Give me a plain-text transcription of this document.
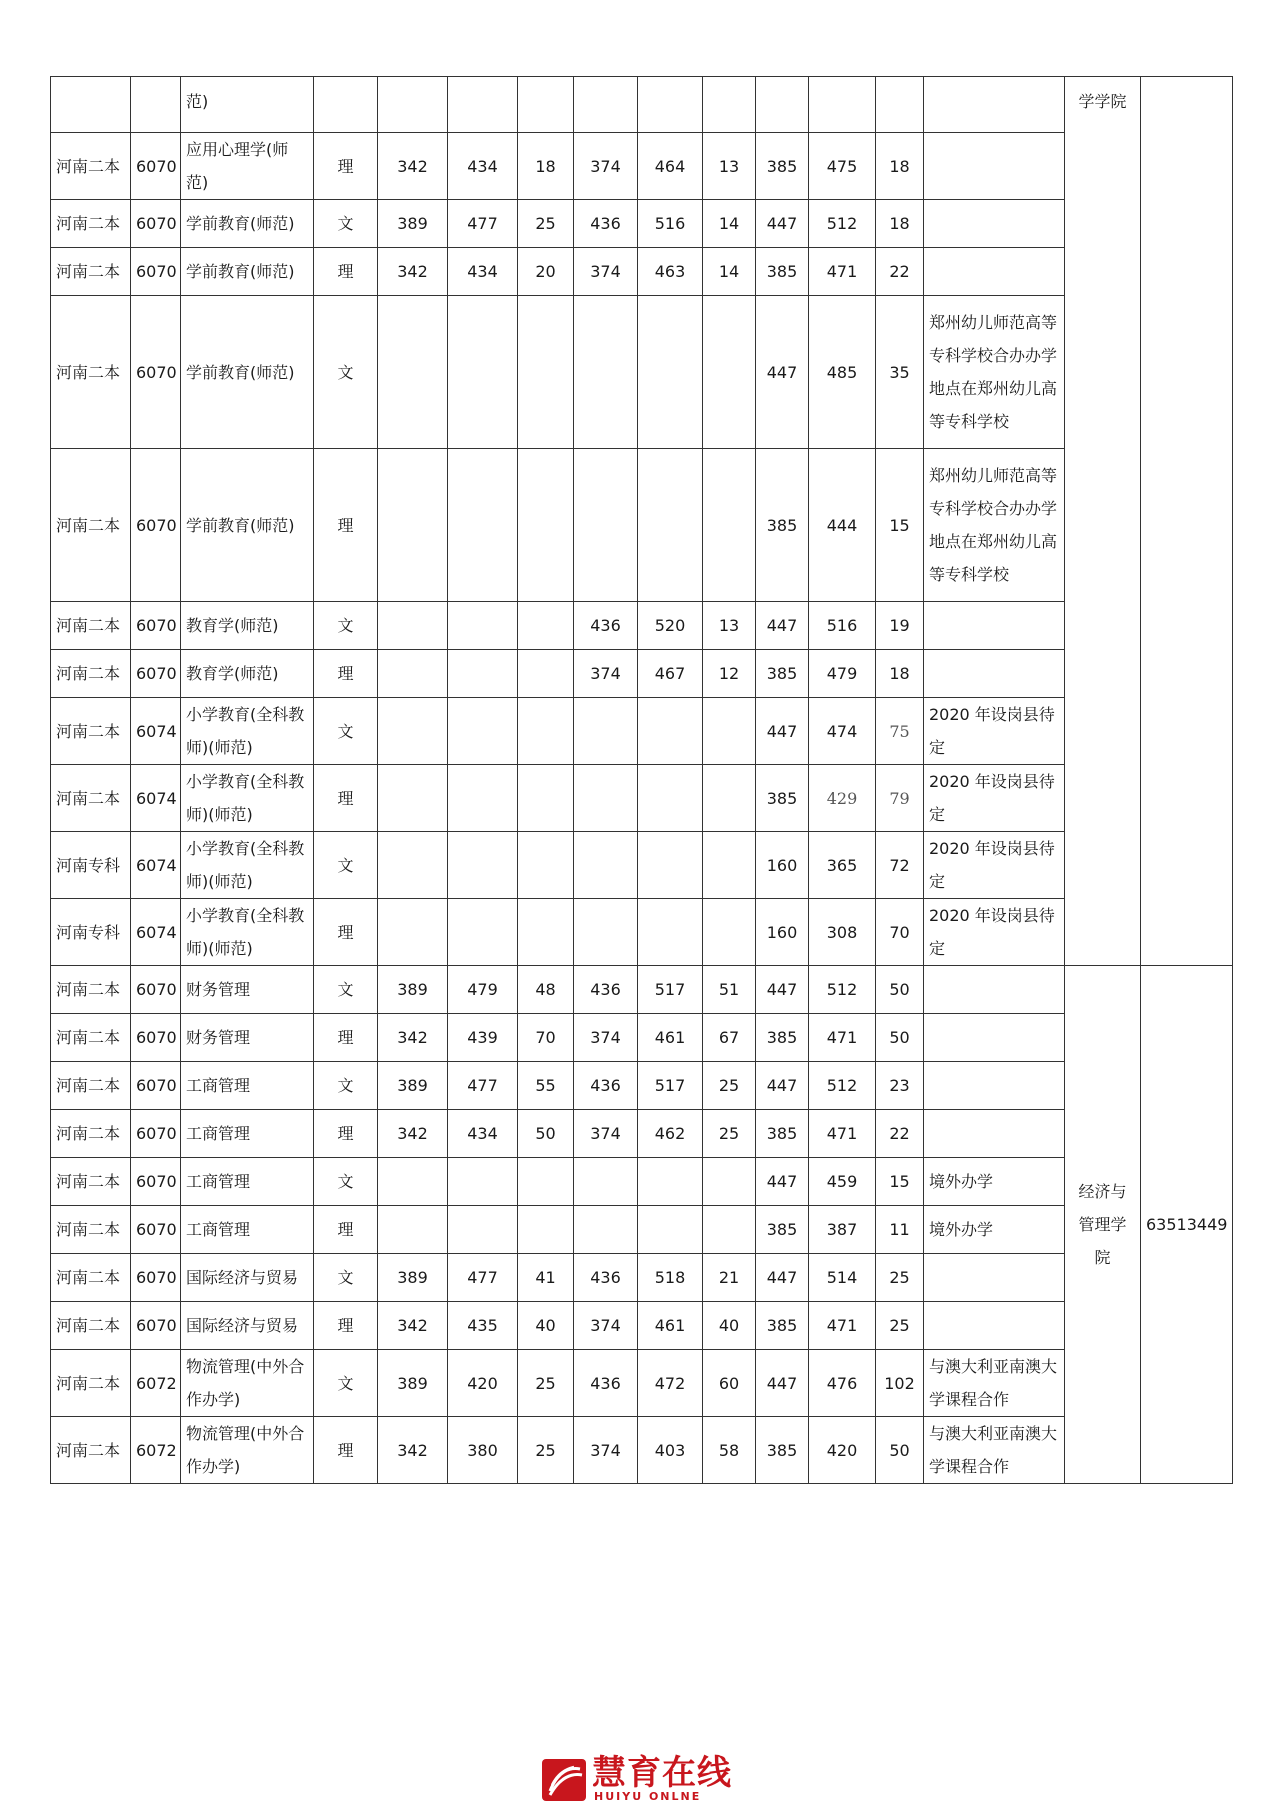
		范)												学学院	
河南二本	6070	应用心理学(师范)	理	342	434	18	374	464	13	385	475	18			
河南二本	6070	学前教育(师范)	文	389	477	25	436	516	14	447	512	18			
河南二本	6070	学前教育(师范)	理	342	434	20	374	463	14	385	471	22			
河南二本	6070	学前教育(师范)	文							447	485	35	郑州幼儿师范高等专科学校合办办学地点在郑州幼儿高等专科学校		
河南二本	6070	学前教育(师范)	理							385	444	15	郑州幼儿师范高等专科学校合办办学地点在郑州幼儿高等专科学校		
河南二本	6070	教育学(师范)	文				436	520	13	447	516	19			
河南二本	6070	教育学(师范)	理				374	467	12	385	479	18			
河南二本	6074	小学教育(全科教师)(师范)	文							447	474	75	2020 年设岗县待定		
河南二本	6074	小学教育(全科教师)(师范)	理							385	429	79	2020 年设岗县待定		
河南专科	6074	小学教育(全科教师)(师范)	文							160	365	72	2020 年设岗县待定		
河南专科	6074	小学教育(全科教师)(师范)	理							160	308	70	2020 年设岗县待定		
河南二本	6070	财务管理	文	389	479	48	436	517	51	447	512	50		经济与管理学院	63513449
河南二本	6070	财务管理	理	342	439	70	374	461	67	385	471	50			
河南二本	6070	工商管理	文	389	477	55	436	517	25	447	512	23			
河南二本	6070	工商管理	理	342	434	50	374	462	25	385	471	22			
河南二本	6070	工商管理	文							447	459	15	境外办学		
河南二本	6070	工商管理	理							385	387	11	境外办学		
河南二本	6070	国际经济与贸易	文	389	477	41	436	518	21	447	514	25			
河南二本	6070	国际经济与贸易	理	342	435	40	374	461	40	385	471	25			
河南二本	6072	物流管理(中外合作办学)	文	389	420	25	436	472	60	447	476	102	与澳大利亚南澳大学课程合作		
河南二本	6072	物流管理(中外合作办学)	理	342	380	25	374	403	58	385	420	50	与澳大利亚南澳大学课程合作		
慧育在线
HUIYU ONLNE
